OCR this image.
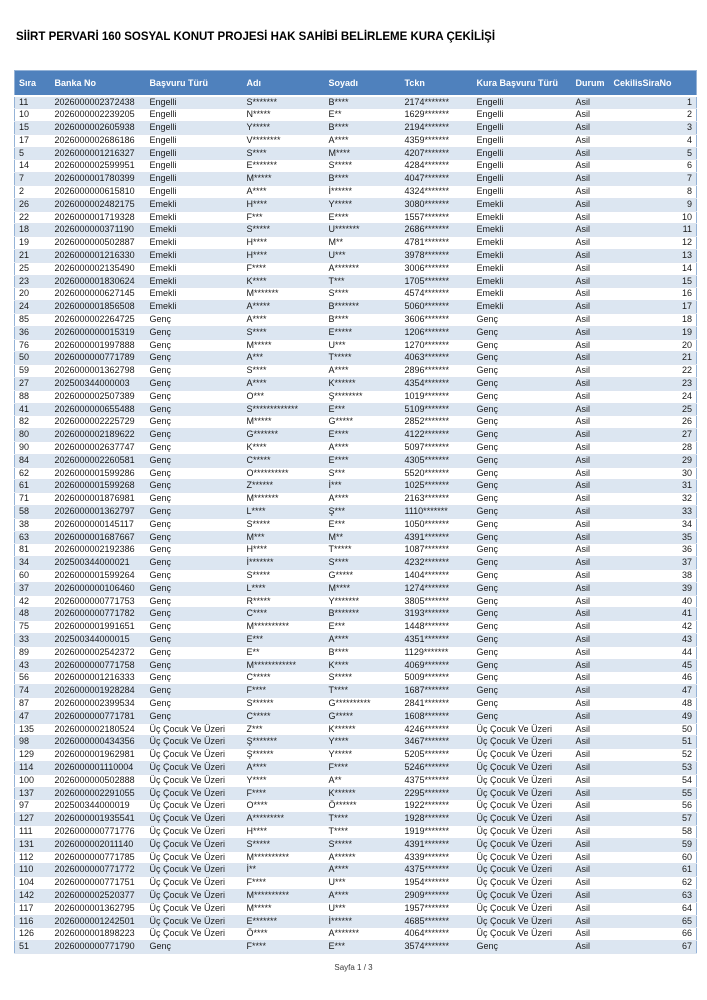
SİİRT PERVARİ 160 SOSYAL KONUT PROJESİ HAK SAHİBİ BELİRLEME KURA ÇEKİLİŞİ
Sıra	Banka No	Başvuru Türü	Adı	Soyadı	Tckn	Kura Başvuru Türü	Durum	CekilisSiraNo
11	2026000002372438	Engelli	S*******	B****	2174*******	Engelli	Asil	1
10	2026000002239205	Engelli	N*****	E**	1629*******	Engelli	Asil	2
15	2026000002605938	Engelli	Y*****	B****	2194*******	Engelli	Asil	3
17	2026000002686186	Engelli	V********	A****	4359*******	Engelli	Asil	4
5	2026000001216327	Engelli	S****	M****	4207*******	Engelli	Asil	5
14	2026000002599951	Engelli	E*******	S*****	4284*******	Engelli	Asil	6
7	2026000001780399	Engelli	M*****	B****	4047*******	Engelli	Asil	7
2	2026000000615810	Engelli	A****	İ******	4324*******	Engelli	Asil	8
26	2026000002482175	Emekli	H****	Y*****	3080*******	Emekli	Asil	9
22	2026000001719328	Emekli	F***	E****	1557*******	Emekli	Asil	10
18	2026000000371190	Emekli	S*****	U*******	2686*******	Emekli	Asil	11
19	2026000000502887	Emekli	H****	M**	4781*******	Emekli	Asil	12
21	2026000001216330	Emekli	H****	U***	3978*******	Emekli	Asil	13
25	2026000002135490	Emekli	F****	A*******	3006*******	Emekli	Asil	14
23	2026000001830624	Emekli	K****	T***	1705*******	Emekli	Asil	15
20	2026000000627145	Emekli	M*******	S****	4574*******	Emekli	Asil	16
24	2026000001856508	Emekli	A*****	B*******	5060*******	Emekli	Asil	17
85	2026000002264725	Genç	A****	B****	3606*******	Genç	Asil	18
36	2026000000015319	Genç	S****	E*****	1206*******	Genç	Asil	19
76	2026000001997888	Genç	M*****	U***	1270*******	Genç	Asil	20
50	2026000000771789	Genç	A***	T*****	4063*******	Genç	Asil	21
59	2026000001362798	Genç	S****	A****	2896*******	Genç	Asil	22
27	202500344000003	Genç	A****	K******	4354*******	Genç	Asil	23
88	2026000002507389	Genç	O***	Ş********	1019*******	Genç	Asil	24
41	2026000000655488	Genç	S*************	E***	5109*******	Genç	Asil	25
82	2026000002225729	Genç	M*****	G*****	2852*******	Genç	Asil	26
80	2026000002189622	Genç	G*******	E****	4122*******	Genç	Asil	27
90	2026000002637747	Genç	K****	A****	5097*******	Genç	Asil	28
84	2026000002260581	Genç	C*****	E****	4305*******	Genç	Asil	29
62	2026000001599286	Genç	O**********	S***	5520*******	Genç	Asil	30
61	2026000001599268	Genç	Z******	İ***	1025*******	Genç	Asil	31
71	2026000001876981	Genç	M*******	A****	2163*******	Genç	Asil	32
58	2026000001362797	Genç	L****	Ş***	1110*******	Genç	Asil	33
38	2026000000145117	Genç	S*****	E***	1050*******	Genç	Asil	34
63	2026000001687667	Genç	M***	M**	4391*******	Genç	Asil	35
81	2026000002192386	Genç	H****	T*****	1087*******	Genç	Asil	36
34	202500344000021	Genç	İ*******	S****	4232*******	Genç	Asil	37
60	2026000001599264	Genç	S*****	G*****	1404*******	Genç	Asil	38
37	2026000000106460	Genç	L****	M****	1274*******	Genç	Asil	39
42	2026000000771753	Genç	R*****	Y*******	3805*******	Genç	Asil	40
48	2026000000771782	Genç	C****	B*******	3193*******	Genç	Asil	41
75	2026000001991651	Genç	M**********	E***	1448*******	Genç	Asil	42
33	202500344000015	Genç	E***	A****	4351*******	Genç	Asil	43
89	2026000002542372	Genç	E**	B****	1129*******	Genç	Asil	44
43	2026000000771758	Genç	M************	K****	4069*******	Genç	Asil	45
56	2026000001216333	Genç	C*****	S*****	5009*******	Genç	Asil	46
74	2026000001928284	Genç	F****	T****	1687*******	Genç	Asil	47
87	2026000002399534	Genç	S******	G**********	2841*******	Genç	Asil	48
47	2026000000771781	Genç	C*****	G*****	1608*******	Genç	Asil	49
135	2026000002180524	Üç Çocuk Ve Üzeri	Z***	K******	4246*******	Üç Çocuk Ve Üzeri	Asil	50
98	2026000000434356	Üç Çocuk Ve Üzeri	Ş*******	Y****	3467*******	Üç Çocuk Ve Üzeri	Asil	51
129	2026000001962981	Üç Çocuk Ve Üzeri	Ş******	Y*****	5205*******	Üç Çocuk Ve Üzeri	Asil	52
114	2026000001110004	Üç Çocuk Ve Üzeri	A****	F****	5246*******	Üç Çocuk Ve Üzeri	Asil	53
100	2026000000502888	Üç Çocuk Ve Üzeri	Y****	A**	4375*******	Üç Çocuk Ve Üzeri	Asil	54
137	2026000002291055	Üç Çocuk Ve Üzeri	F****	K******	2295*******	Üç Çocuk Ve Üzeri	Asil	55
97	202500344000019	Üç Çocuk Ve Üzeri	O****	Ö******	1922*******	Üç Çocuk Ve Üzeri	Asil	56
127	2026000001935541	Üç Çocuk Ve Üzeri	A*********	T****	1928*******	Üç Çocuk Ve Üzeri	Asil	57
111	2026000000771776	Üç Çocuk Ve Üzeri	H****	T****	1919*******	Üç Çocuk Ve Üzeri	Asil	58
131	2026000002011140	Üç Çocuk Ve Üzeri	S*****	S*****	4391*******	Üç Çocuk Ve Üzeri	Asil	59
112	2026000000771785	Üç Çocuk Ve Üzeri	M**********	A******	4339*******	Üç Çocuk Ve Üzeri	Asil	60
110	2026000000771772	Üç Çocuk Ve Üzeri	İ**	A****	4375*******	Üç Çocuk Ve Üzeri	Asil	61
104	2026000000771751	Üç Çocuk Ve Üzeri	F****	U***	1954*******	Üç Çocuk Ve Üzeri	Asil	62
142	2026000002520377	Üç Çocuk Ve Üzeri	M**********	A****	2909*******	Üç Çocuk Ve Üzeri	Asil	63
117	2026000001362795	Üç Çocuk Ve Üzeri	M*****	U***	1957*******	Üç Çocuk Ve Üzeri	Asil	64
116	2026000001242501	Üç Çocuk Ve Üzeri	E*******	İ******	4685*******	Üç Çocuk Ve Üzeri	Asil	65
126	2026000001898223	Üç Çocuk Ve Üzeri	Ö****	A*******	4064*******	Üç Çocuk Ve Üzeri	Asil	66
51	2026000000771790	Genç	F****	E***	3574*******	Genç	Asil	67
Sayfa 1 / 3
